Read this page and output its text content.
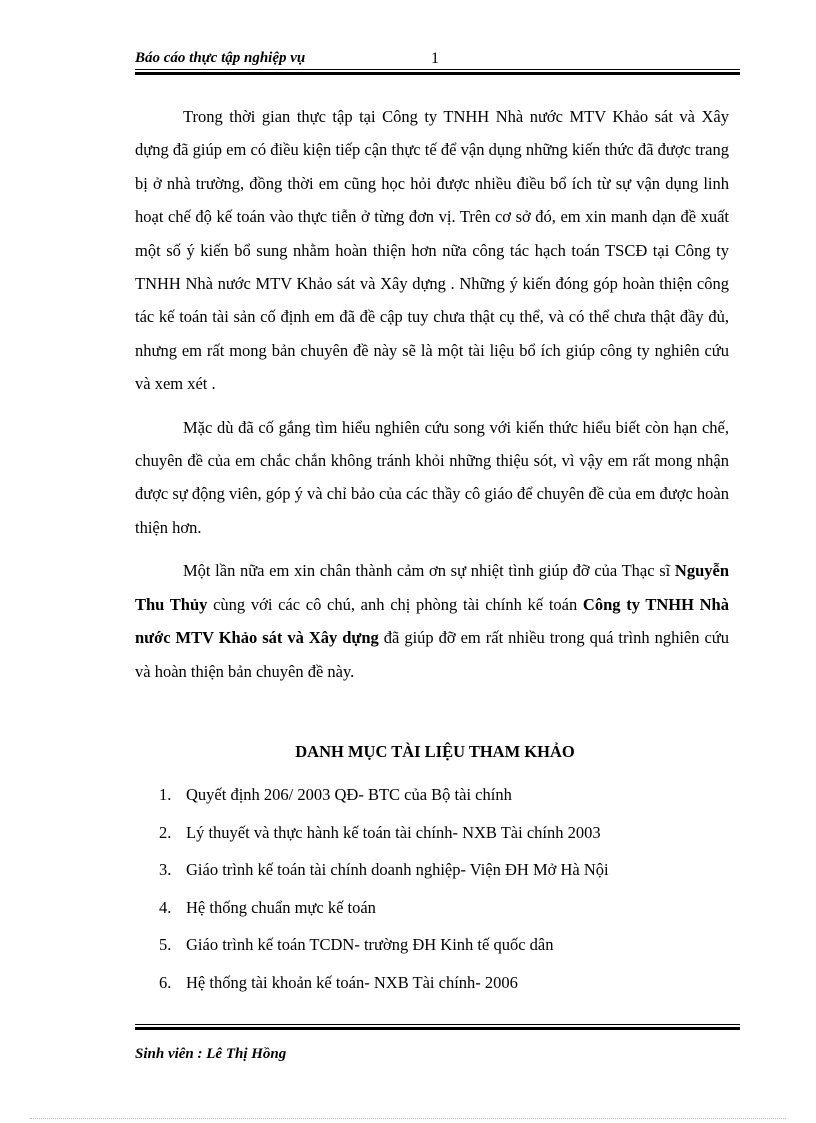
Báo cáo thực tập nghiệp vụ	1

Trong thời gian thực tập tại Công ty TNHH Nhà nước MTV Khảo sát và Xây dựng đã giúp em có điều kiện tiếp cận thực tế để vận dụng những kiến thức đã được trang bị ở nhà trường, đồng thời em cũng học hỏi được nhiều điều bổ ích từ sự vận dụng linh hoạt chế độ kế toán vào thực tiễn ở từng đơn vị. Trên cơ sở đó, em xin manh dạn đề xuất một số ý kiến bổ sung nhằm hoàn thiện hơn nữa công tác hạch toán TSCĐ tại Công ty TNHH Nhà nước MTV Khảo sát và Xây dựng . Những ý kiến đóng góp hoàn thiện công tác kế toán tài sản cố định em đã đề cập tuy chưa thật cụ thể, và có thể chưa thật đầy đủ, nhưng em rất mong bản chuyên đề này sẽ là một tài liệu bổ ích giúp công ty nghiên cứu và xem xét .

Mặc dù đã cố gắng tìm hiểu nghiên cứu song với kiến thức hiểu biết còn hạn chế, chuyên đề của em chắc chắn không tránh khỏi những thiệu sót, vì vậy em rất mong nhận được sự động viên, góp ý và chỉ bảo của các thầy cô giáo để chuyên đề của em được hoàn thiện hơn.

Một lần nữa em xin chân thành cảm ơn sự nhiệt tình giúp đỡ của Thạc sĩ Nguyễn Thu Thủy cùng với các cô chú, anh chị phòng tài chính kế toán Công ty TNHH Nhà nước MTV Khảo sát và Xây dựng đã giúp đỡ em rất nhiều trong quá trình nghiên cứu và hoàn thiện bản chuyên đề này.

DANH MỤC TÀI LIỆU THAM KHẢO
1. Quyết định 206/ 2003 QĐ- BTC của Bộ tài chính
2. Lý thuyết và thực hành kế toán tài chính- NXB Tài chính 2003
3. Giáo trình kế toán tài chính doanh nghiệp- Viện ĐH Mở Hà Nội
4. Hệ thống chuẩn mực kế toán
5. Giáo trình kế toán TCDN- trường ĐH Kinh tế quốc dân
6. Hệ thống tài khoản kế toán- NXB Tài chính- 2006
Sinh viên : Lê Thị Hồng
